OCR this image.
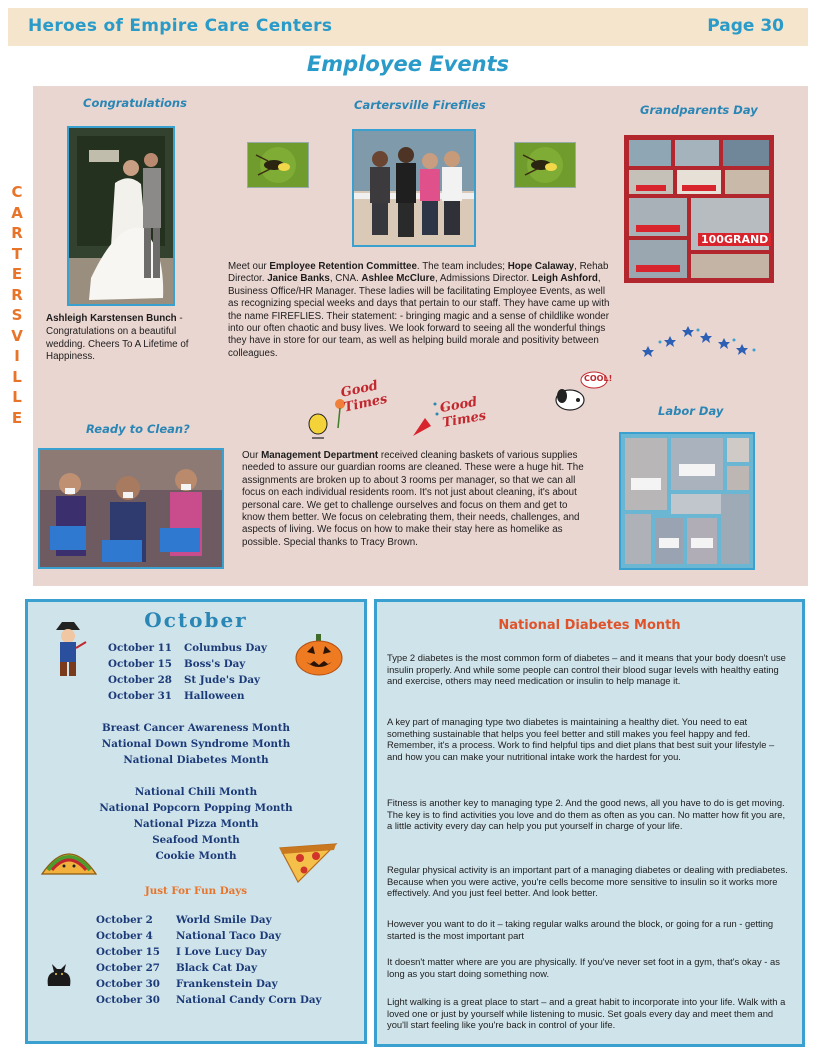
Heroes of Empire Care Centers	Page 30
Employee Events
C
A
R
T
E
R
S
V
I
L
L
E
Congratulations
Ashleigh Karstensen Bunch - Congratulations on a beautiful wedding. Cheers To A Lifetime of Happiness.
Cartersville Fireflies
Meet our Employee Retention Committee. The team includes; Hope Calaway, Rehab Director. Janice Banks, CNA. Ashlee McClure, Admissions Director. Leigh Ashford, Business Office/HR Manager. These ladies will be facilitating Employee Events, as well as recognizing special weeks and days that pertain to our staff. They have came up with the name FIREFLIES. Their statement: - bringing magic and a sense of childlike wonder into our often chaotic and busy lives. We look forward to seeing all the wonderful things they have in store for our team, as well as helping build morale and positivity between colleagues.
Grandparents Day
100GRAND
Good Times	Good Times
COOL!
Ready to Clean?
Our Management Department received cleaning baskets of various supplies needed to assure our guardian rooms are cleaned. These were a huge hit. The assignments are broken up to about 3 rooms per manager, so that we can all focus on each individual residents room. It's not just about cleaning, it's about personal care. We get to challenge ourselves and focus on them and get to know them better. We focus on celebrating them, their needs, challenges, and aspects of living. We focus on how to make their stay here as homelike as possible. Special thanks to Tracy Brown.
Labor Day
October
October 11 Columbus Day
October 15 Boss's Day
October 28 St Jude's Day
October 31 Halloween
Breast Cancer Awareness Month
National Down Syndrome Month
National Diabetes Month
National Chili Month
National Popcorn Popping Month
National Pizza Month
Seafood Month
Cookie Month
Just For Fun Days
October 2 World Smile Day
October 4 National Taco Day
October 15 I Love Lucy Day
October 27 Black Cat Day
October 30 Frankenstein Day
October 30 National Candy Corn Day
National Diabetes Month
Type 2 diabetes is the most common form of diabetes – and it means that your body doesn't use insulin properly. And while some people can control their blood sugar levels with healthy eating and exercise, others may need medication or insulin to help manage it.
A key part of managing type two diabetes is maintaining a healthy diet. You need to eat something sustainable that helps you feel better and still makes you feel happy and fed. Remember, it's a process. Work to find helpful tips and diet plans that best suit your lifestyle – and how you can make your nutritional intake work the hardest for you.
Fitness is another key to managing type 2. And the good news, all you have to do is get moving. The key is to find activities you love and do them as often as you can. No matter how fit you are, a little activity every day can help you put yourself in charge of your life.
Regular physical activity is an important part of a managing diabetes or dealing with prediabetes. Because when you were active, you're cells become more sensitive to insulin so it works more effectively. And you just feel better. And look better.
However you want to do it – taking regular walks around the block, or going for a run - getting started is the most important part
It doesn't matter where are you are physically. If you've never set foot in a gym, that's okay - as long as you start doing something now.
Light walking is a great place to start – and a great habit to incorporate into your life. Walk with a loved one or just by yourself while listening to music. Set goals every day and meet them and you'll start feeling like you're back in control of your life.
